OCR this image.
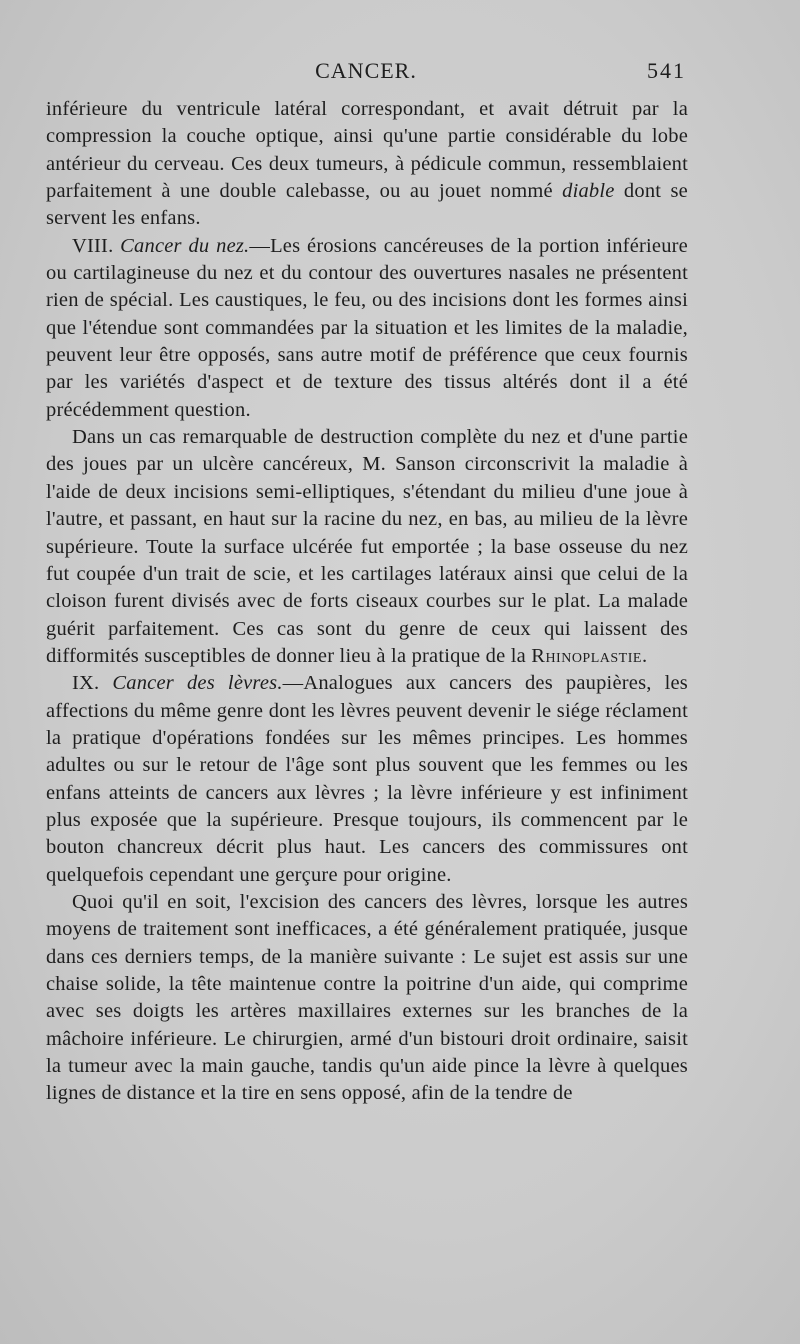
CANCER.	541

inférieure du ventricule latéral correspondant, et avait détruit par la compression la couche optique, ainsi qu'une partie considérable du lobe antérieur du cerveau. Ces deux tumeurs, à pédicule commun, ressemblaient parfaitement à une double calebasse, ou au jouet nommé diable dont se servent les enfans.

VIII. Cancer du nez.—Les érosions cancéreuses de la portion inférieure ou cartilagineuse du nez et du contour des ouvertures nasales ne présentent rien de spécial. Les caustiques, le feu, ou des incisions dont les formes ainsi que l'étendue sont commandées par la situation et les limites de la maladie, peuvent leur être opposés, sans autre motif de préférence que ceux fournis par les variétés d'aspect et de texture des tissus altérés dont il a été précédemment question.

Dans un cas remarquable de destruction complète du nez et d'une partie des joues par un ulcère cancéreux, M. Sanson circonscrivit la maladie à l'aide de deux incisions semi-elliptiques, s'étendant du milieu d'une joue à l'autre, et passant, en haut sur la racine du nez, en bas, au milieu de la lèvre supérieure. Toute la surface ulcérée fut emportée ; la base osseuse du nez fut coupée d'un trait de scie, et les cartilages latéraux ainsi que celui de la cloison furent divisés avec de forts ciseaux courbes sur le plat. La malade guérit parfaitement. Ces cas sont du genre de ceux qui laissent des difformités susceptibles de donner lieu à la pratique de la Rhinoplastie.

IX. Cancer des lèvres.—Analogues aux cancers des paupières, les affections du même genre dont les lèvres peuvent devenir le siége réclament la pratique d'opérations fondées sur les mêmes principes. Les hommes adultes ou sur le retour de l'âge sont plus souvent que les femmes ou les enfans atteints de cancers aux lèvres ; la lèvre inférieure y est infiniment plus exposée que la supérieure. Presque toujours, ils commencent par le bouton chancreux décrit plus haut. Les cancers des commissures ont quelquefois cependant une gerçure pour origine.

Quoi qu'il en soit, l'excision des cancers des lèvres, lorsque les autres moyens de traitement sont inefficaces, a été généralement pratiquée, jusque dans ces derniers temps, de la manière suivante : Le sujet est assis sur une chaise solide, la tête maintenue contre la poitrine d'un aide, qui comprime avec ses doigts les artères maxillaires externes sur les branches de la mâchoire inférieure. Le chirurgien, armé d'un bistouri droit ordinaire, saisit la tumeur avec la main gauche, tandis qu'un aide pince la lèvre à quelques lignes de distance et la tire en sens opposé, afin de la tendre de
